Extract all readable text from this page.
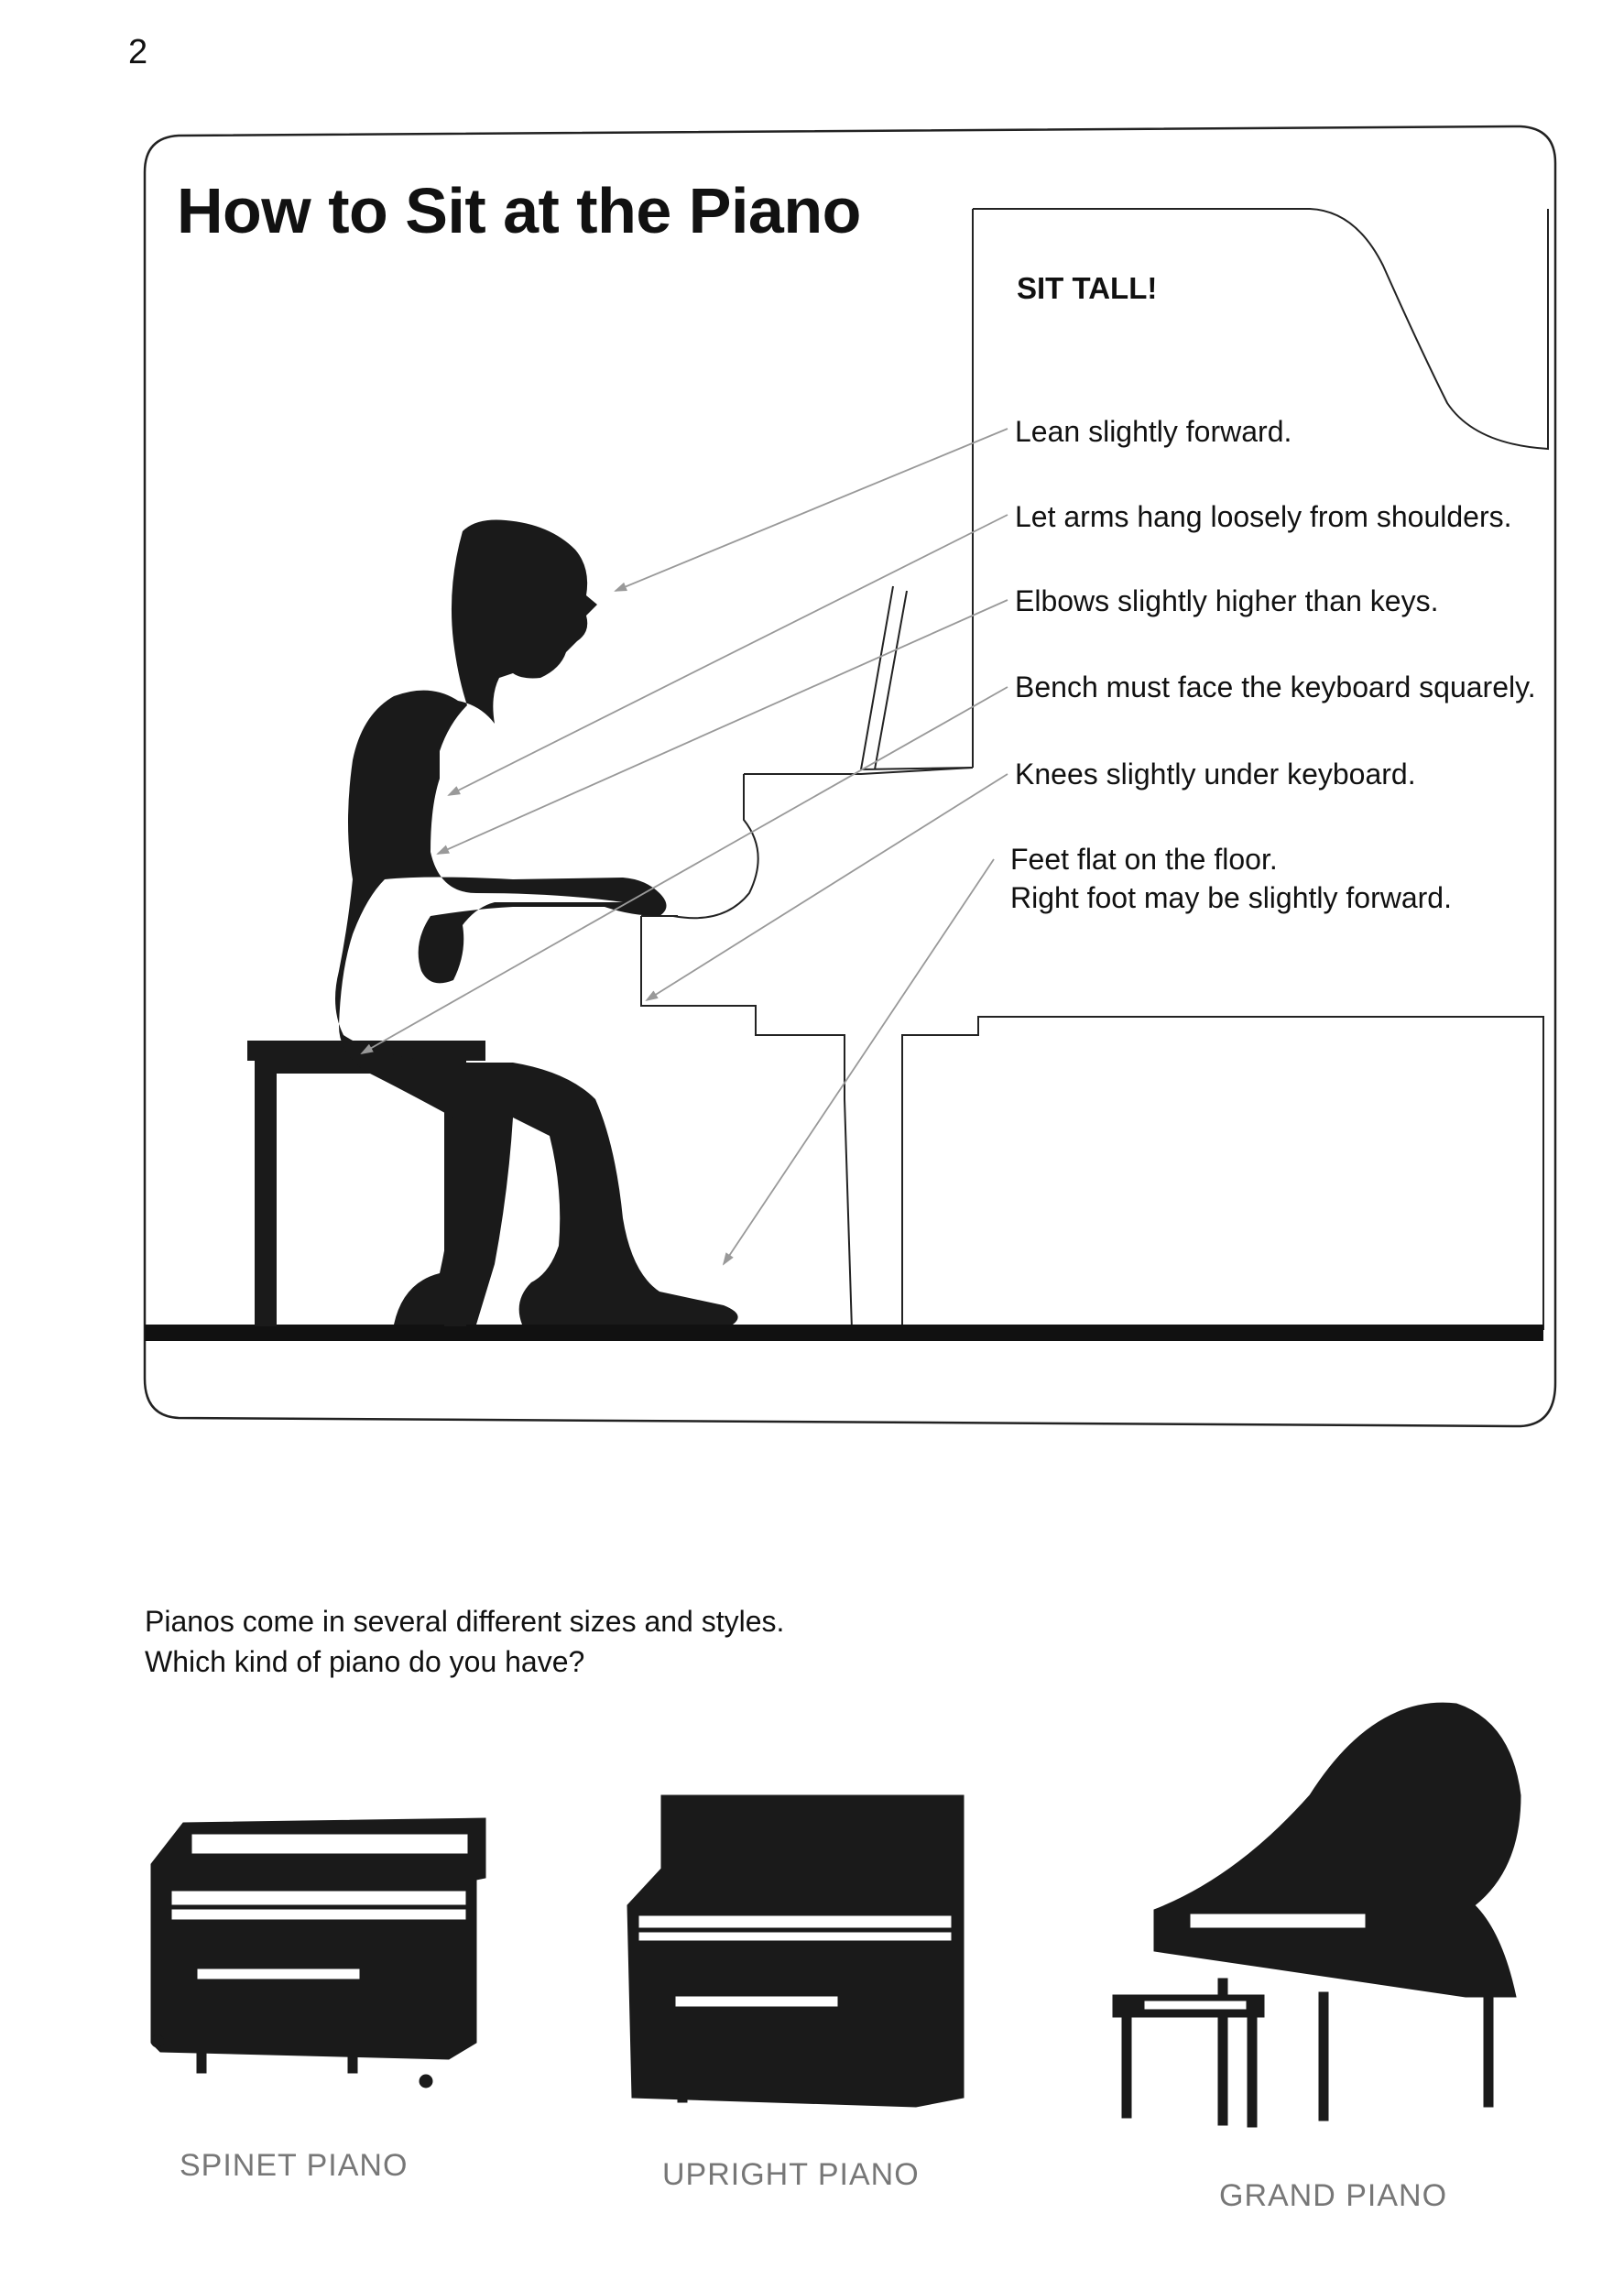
2
How to Sit at the Piano
SIT TALL!
Lean slightly forward.
Let arms hang loosely from shoulders.
Elbows slightly higher than keys.
Bench must face the keyboard squarely.
Knees slightly under keyboard.
Feet flat on the floor.
Right foot may be slightly forward.
Pianos come in several different sizes and styles.
Which kind of piano do you have?
SPINET PIANO	UPRIGHT PIANO
GRAND PIANO
